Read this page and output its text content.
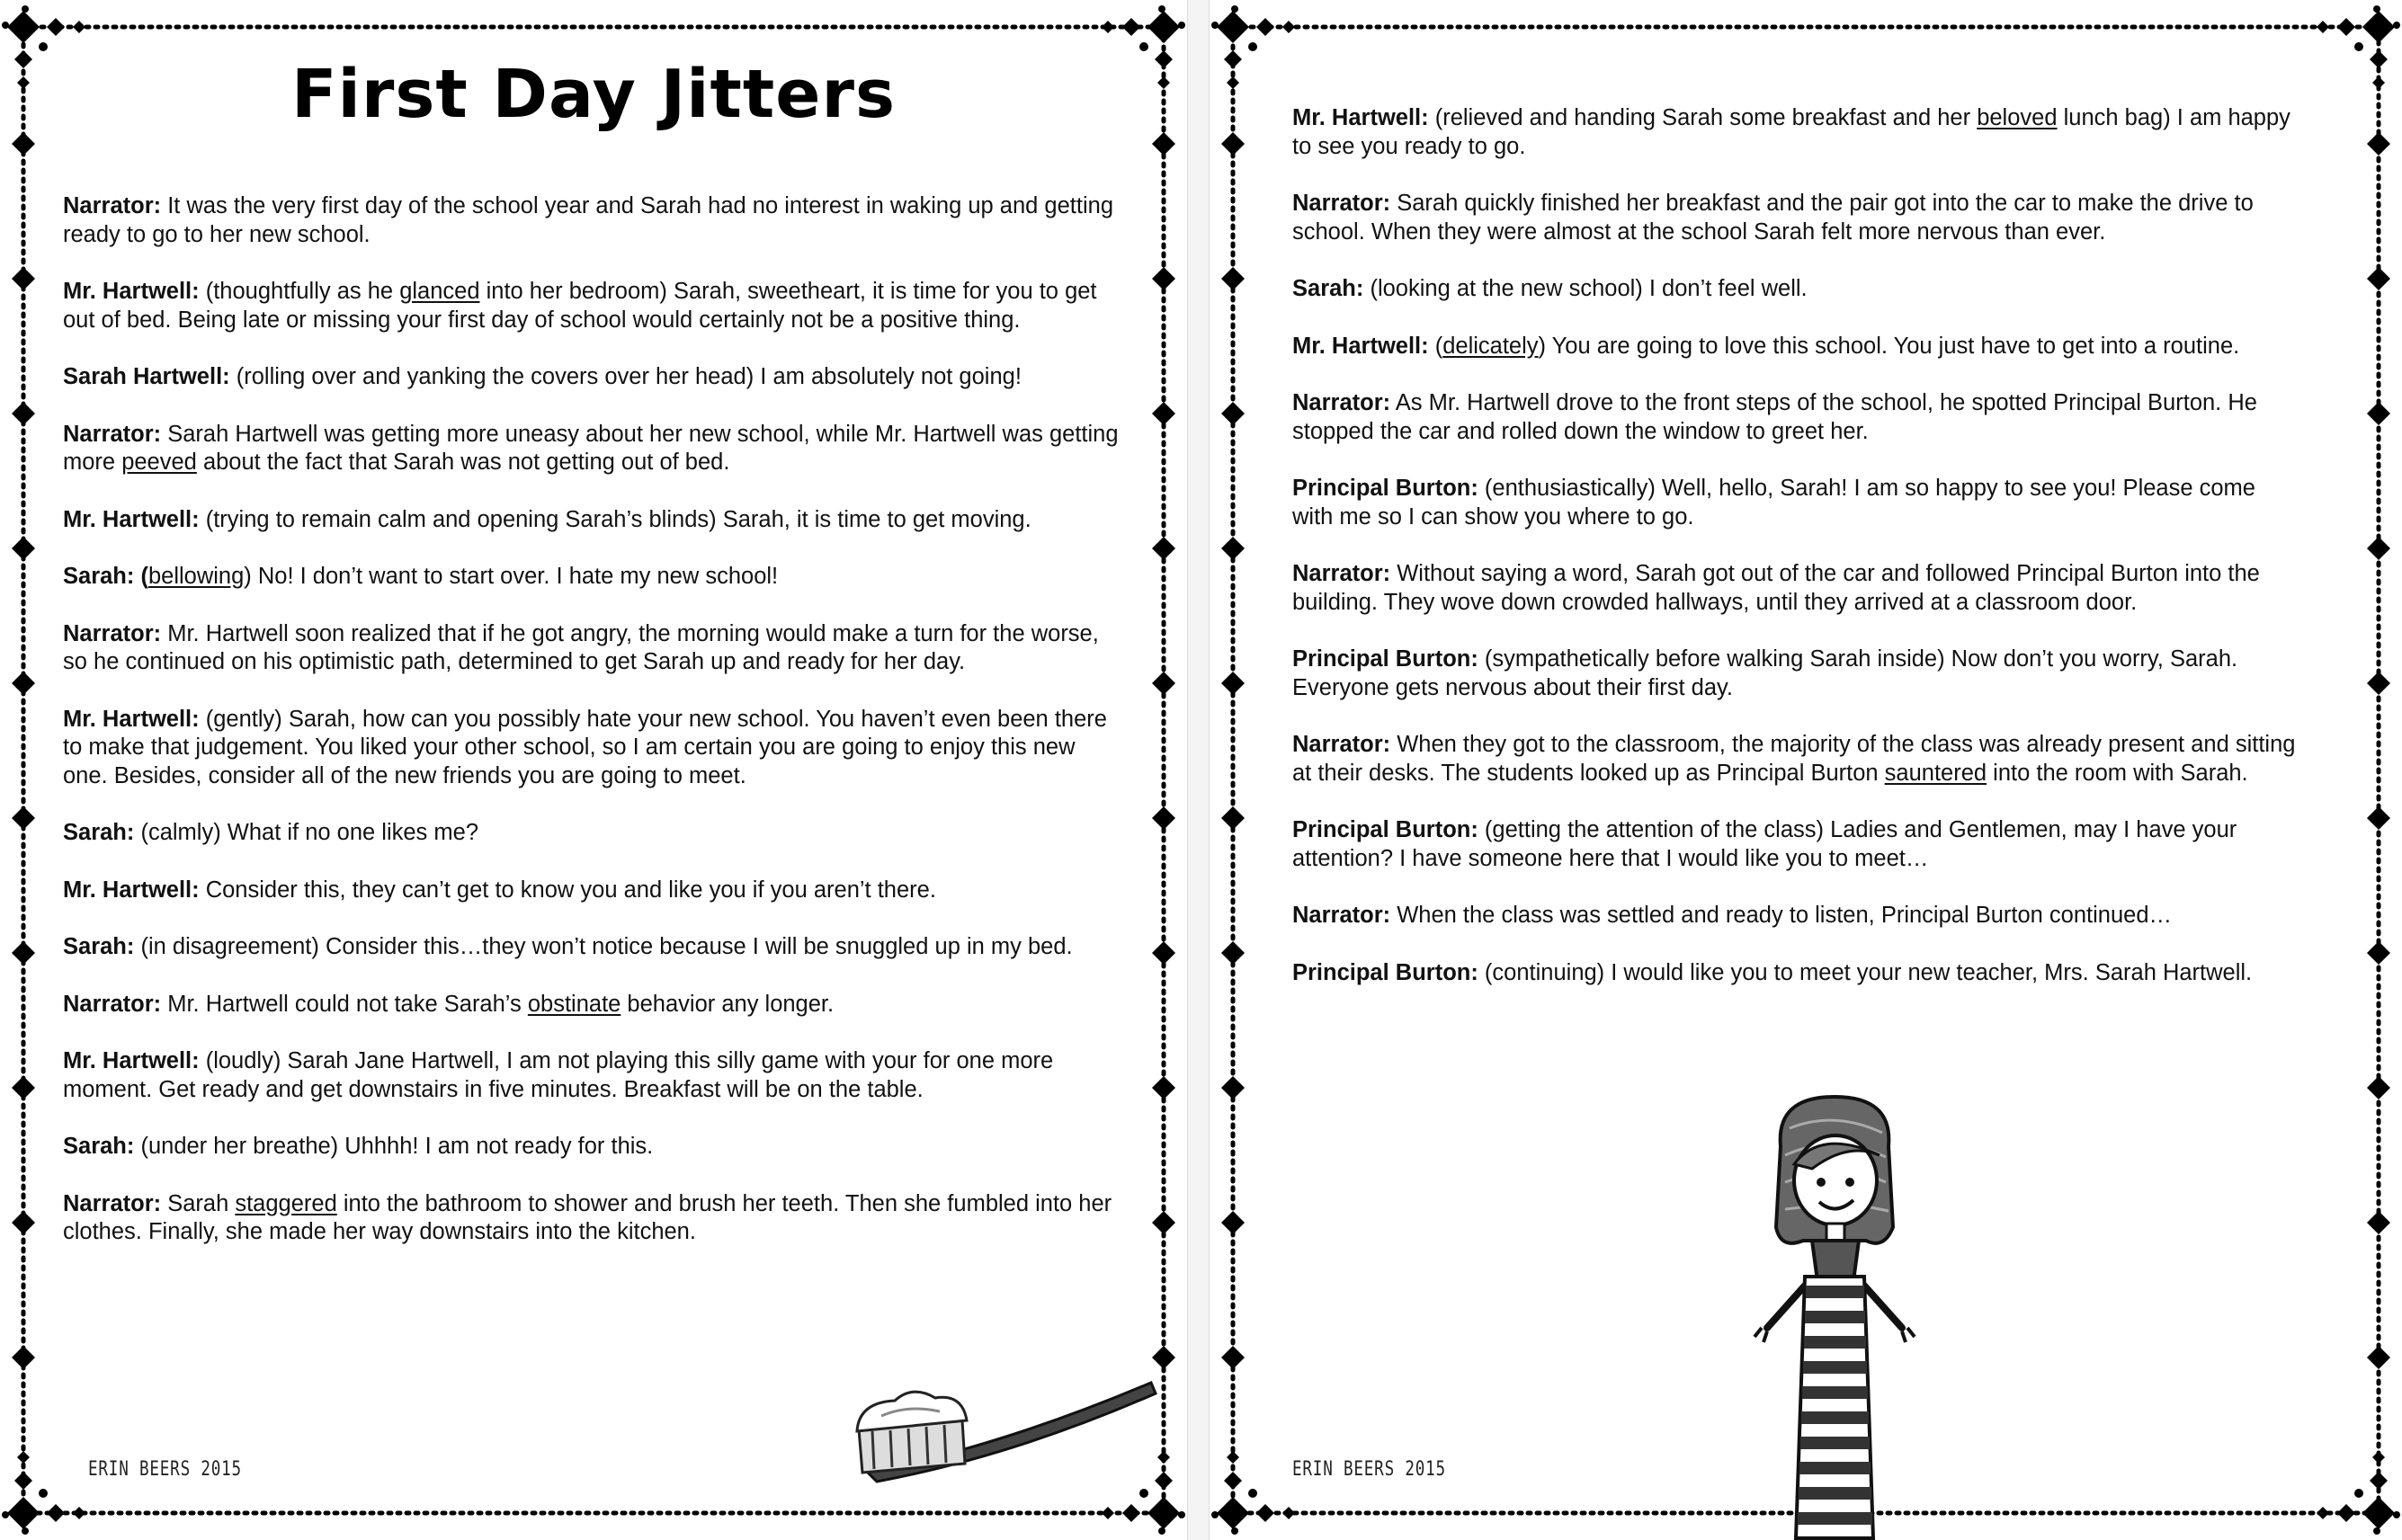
First Day Jitters

Narrator: It was the very first day of the school year and Sarah had no interest in waking up and getting ready to go to her new school.

Mr. Hartwell: (thoughtfully as he glanced into her bedroom) Sarah, sweetheart, it is time for you to get out of bed. Being late or missing your first day of school would certainly not be a positive thing.

Sarah Hartwell: (rolling over and yanking the covers over her head) I am absolutely not going!

Narrator: Sarah Hartwell was getting more uneasy about her new school, while Mr. Hartwell was getting more peeved about the fact that Sarah was not getting out of bed.

Mr. Hartwell: (trying to remain calm and opening Sarah’s blinds) Sarah, it is time to get moving.

Sarah: (bellowing) No! I don’t want to start over. I hate my new school!

Narrator: Mr. Hartwell soon realized that if he got angry, the morning would make a turn for the worse, so he continued on his optimistic path, determined to get Sarah up and ready for her day.

Mr. Hartwell: (gently) Sarah, how can you possibly hate your new school. You haven’t even been there to make that judgement. You liked your other school, so I am certain you are going to enjoy this new one. Besides, consider all of the new friends you are going to meet.

Sarah: (calmly) What if no one likes me?

Mr. Hartwell: Consider this, they can’t get to know you and like you if you aren’t there.

Sarah: (in disagreement) Consider this…they won’t notice because I will be snuggled up in my bed.

Narrator: Mr. Hartwell could not take Sarah’s obstinate behavior any longer.

Mr. Hartwell: (loudly) Sarah Jane Hartwell, I am not playing this silly game with your for one more moment. Get ready and get downstairs in five minutes. Breakfast will be on the table.

Sarah: (under her breathe) Uhhhh! I am not ready for this.

Narrator: Sarah staggered into the bathroom to shower and brush her teeth. Then she fumbled into her clothes. Finally, she made her way downstairs into the kitchen.

ERIN BEERS 2015

Mr. Hartwell: (relieved and handing Sarah some breakfast and her beloved lunch bag) I am happy to see you ready to go.

Narrator: Sarah quickly finished her breakfast and the pair got into the car to make the drive to school. When they were almost at the school Sarah felt more nervous than ever.

Sarah: (looking at the new school) I don’t feel well.

Mr. Hartwell: (delicately) You are going to love this school. You just have to get into a routine.

Narrator: As Mr. Hartwell drove to the front steps of the school, he spotted Principal Burton. He stopped the car and rolled down the window to greet her.

Principal Burton: (enthusiastically) Well, hello, Sarah! I am so happy to see you! Please come with me so I can show you where to go.

Narrator: Without saying a word, Sarah got out of the car and followed Principal Burton into the building. They wove down crowded hallways, until they arrived at a classroom door.

Principal Burton: (sympathetically before walking Sarah inside) Now don’t you worry, Sarah. Everyone gets nervous about their first day.

Narrator: When they got to the classroom, the majority of the class was already present and sitting at their desks. The students looked up as Principal Burton sauntered into the room with Sarah.

Principal Burton: (getting the attention of the class) Ladies and Gentlemen, may I have your attention? I have someone here that I would like you to meet…

Narrator: When the class was settled and ready to listen, Principal Burton continued…

Principal Burton: (continuing) I would like you to meet your new teacher, Mrs. Sarah Hartwell.

ERIN BEERS 2015
